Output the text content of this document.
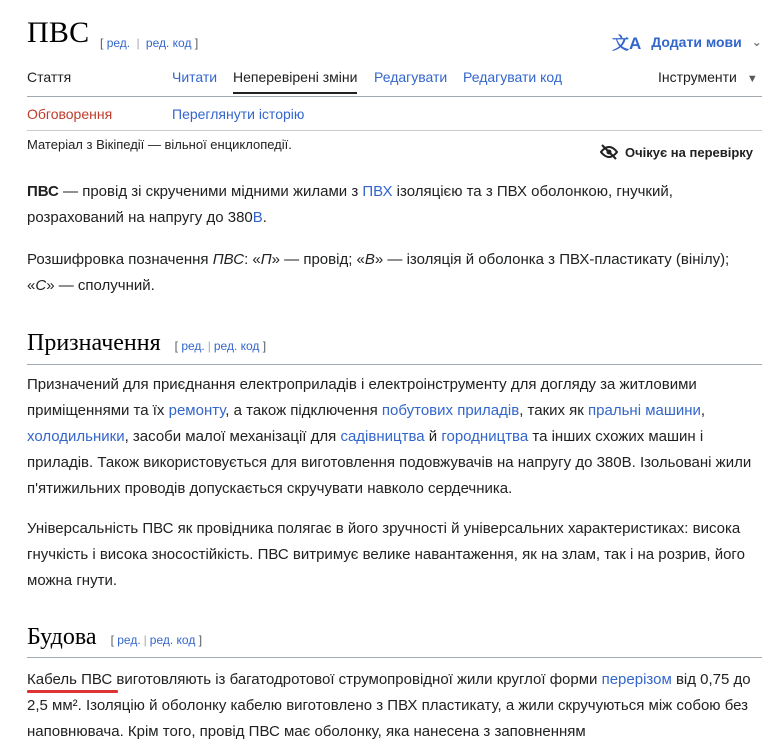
ПВС [ ред. | ред. код ]	文A Додати мови ⌄
Стаття	Читати Неперевірені зміни Редагувати Редагувати код	Інструменти ▼
Обговорення	Переглянути історію
Матеріал з Вікіпедії — вільної енциклопедії.	Очікує на перевірку
ПВС — провід зі скрученими мідними жилами з ПВХ ізоляцією та з ПВХ оболонкою, гнучкий, розрахований на напругу до 380В.
Розшифровка позначення ПВС: «П» — провід; «В» — ізоляція й оболонка з ПВХ-пластикату (вінілу); «С» — сполучний.
Призначення [ ред. | ред. код ]
Призначений для приєднання електроприладів і електроінструменту для догляду за житловими приміщеннями та їх ремонту, а також підключення побутових приладів, таких як пральні машини, холодильники, засоби малої механізації для садівництва й городництва та інших схожих машин і приладів. Також використовується для виготовлення подовжувачів на напругу до 380В. Ізольовані жили п'ятижильних проводів допускається скручувати навколо сердечника.
Універсальність ПВС як провідника полягає в його зручності й універсальних характеристиках: висока гнучкість і висока зносостійкість. ПВС витримує велике навантаження, як на злам, так і на розрив, його можна гнути.
Будова [ ред. | ред. код ]
Кабель ПВС виготовляють із багатодротової струмопровідної жили круглої форми перерізом від 0,75 до 2,5 мм². Ізоляцію й оболонку кабелю виготовлено з ПВХ пластикату, а жили скручуються між собою без наповнювача. Крім того, провід ПВС має оболонку, яка нанесена з заповненням
